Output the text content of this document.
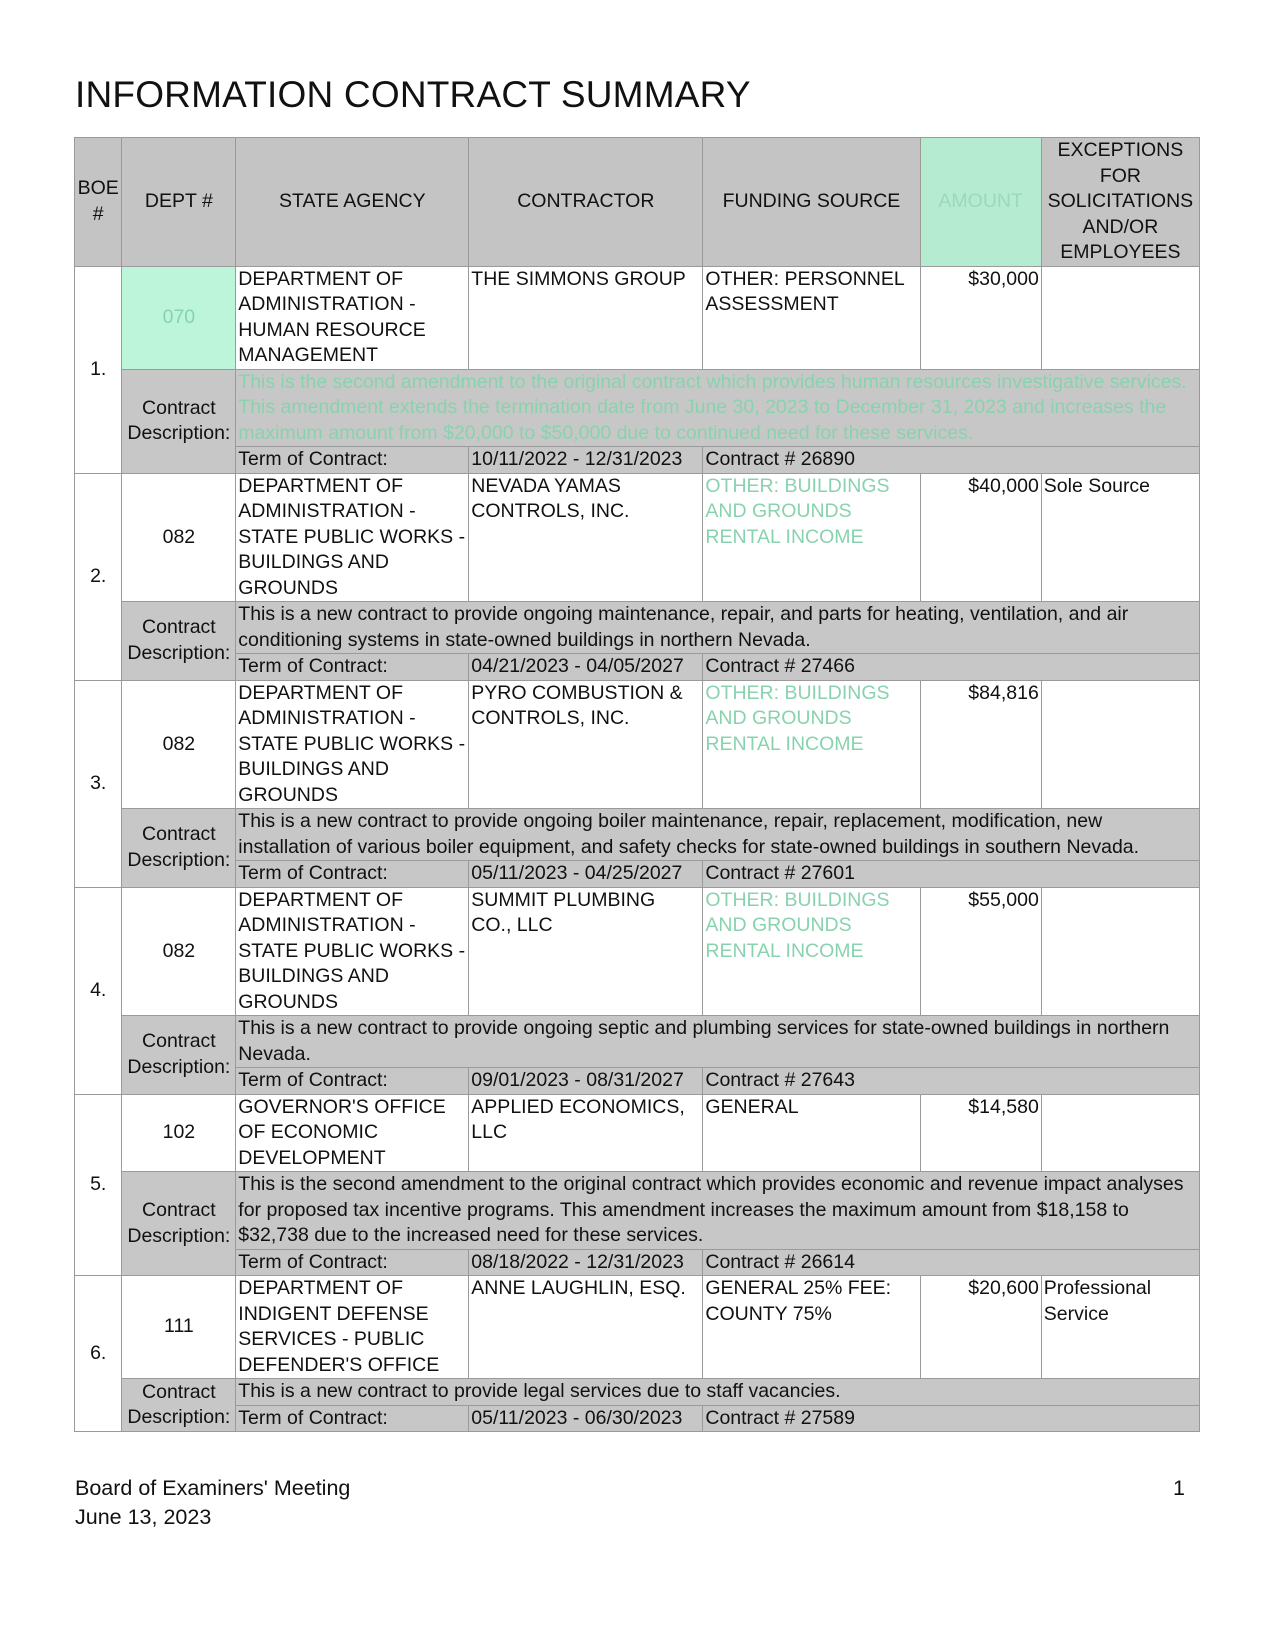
INFORMATION CONTRACT SUMMARY
BOE #	DEPT #	STATE AGENCY	CONTRACTOR	FUNDING SOURCE	AMOUNT	EXCEPTIONS FOR SOLICITATIONS AND/OR EMPLOYEES
1.	070	DEPARTMENT OF ADMINISTRATION - HUMAN RESOURCE MANAGEMENT	THE SIMMONS GROUP	OTHER: PERSONNEL ASSESSMENT	$30,000	
	Contract Description:	This is the second amendment to the original contract which provides human resources investigative services. This amendment extends the termination date from June 30, 2023 to December 31, 2023 and increases the maximum amount from $20,000 to $50,000 due to continued need for these services.				
		Term of Contract:	10/11/2022 - 12/31/2023	Contract # 26890		
2.	082	DEPARTMENT OF ADMINISTRATION - STATE PUBLIC WORKS - BUILDINGS AND GROUNDS	NEVADA YAMAS CONTROLS, INC.	OTHER: BUILDINGS AND GROUNDS RENTAL INCOME	$40,000	Sole Source
	Contract Description:	This is a new contract to provide ongoing maintenance, repair, and parts for heating, ventilation, and air conditioning systems in state-owned buildings in northern Nevada.				
		Term of Contract:	04/21/2023 - 04/05/2027	Contract # 27466		
3.	082	DEPARTMENT OF ADMINISTRATION - STATE PUBLIC WORKS - BUILDINGS AND GROUNDS	PYRO COMBUSTION & CONTROLS, INC.	OTHER: BUILDINGS AND GROUNDS RENTAL INCOME	$84,816	
	Contract Description:	This is a new contract to provide ongoing boiler maintenance, repair, replacement, modification, new installation of various boiler equipment, and safety checks for state-owned buildings in southern Nevada.				
		Term of Contract:	05/11/2023 - 04/25/2027	Contract # 27601		
4.	082	DEPARTMENT OF ADMINISTRATION - STATE PUBLIC WORKS - BUILDINGS AND GROUNDS	SUMMIT PLUMBING CO., LLC	OTHER: BUILDINGS AND GROUNDS RENTAL INCOME	$55,000	
	Contract Description:	This is a new contract to provide ongoing septic and plumbing services for state-owned buildings in northern Nevada.				
		Term of Contract:	09/01/2023 - 08/31/2027	Contract # 27643		
5.	102	GOVERNOR'S OFFICE OF ECONOMIC DEVELOPMENT	APPLIED ECONOMICS, LLC	GENERAL	$14,580	
	Contract Description:	This is the second amendment to the original contract which provides economic and revenue impact analyses for proposed tax incentive programs. This amendment increases the maximum amount from $18,158 to $32,738 due to the increased need for these services.				
		Term of Contract:	08/18/2022 - 12/31/2023	Contract # 26614		
6.	111	DEPARTMENT OF INDIGENT DEFENSE SERVICES - PUBLIC DEFENDER'S OFFICE	ANNE LAUGHLIN, ESQ.	GENERAL 25% FEE: COUNTY 75%	$20,600	Professional Service
	Contract Description:	This is a new contract to provide legal services due to staff vacancies.				
		Term of Contract:	05/11/2023 - 06/30/2023	Contract # 27589		
Board of Examiners' Meeting
June 13, 2023
1
